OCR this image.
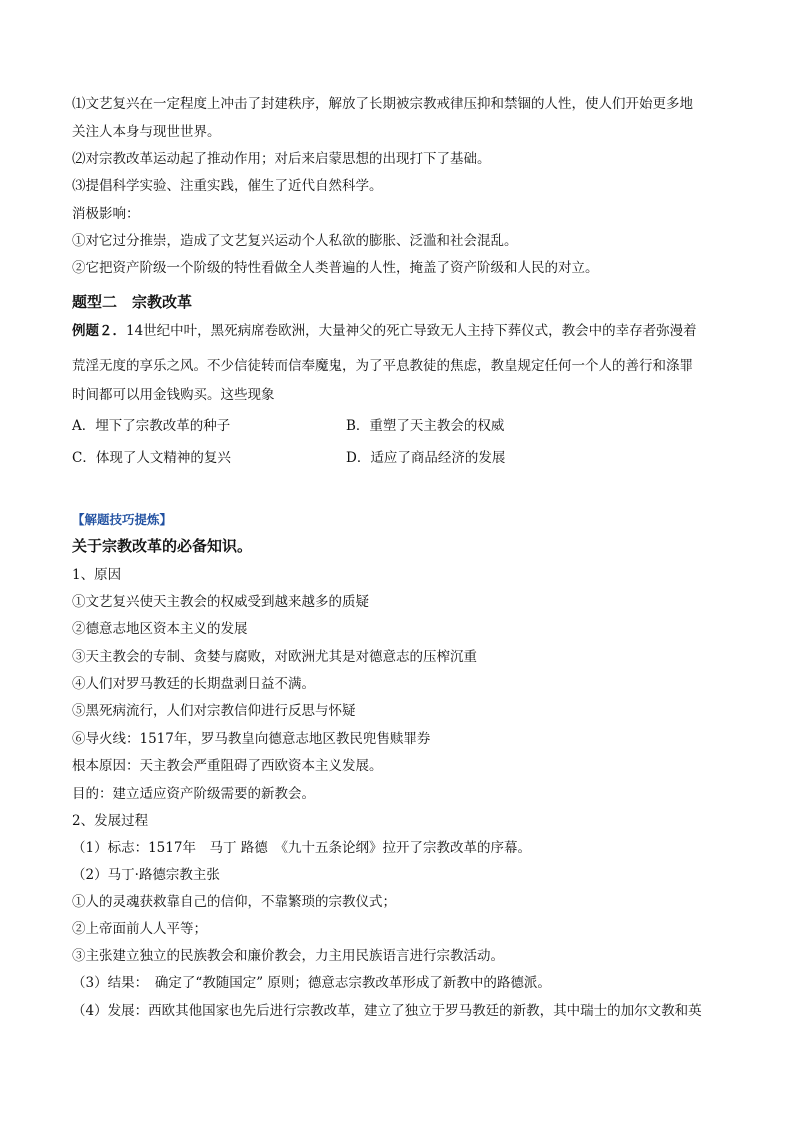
⑴文艺复兴在一定程度上冲击了封建秩序，解放了长期被宗教戒律压抑和禁锢的人性，使人们开始更多地
关注人本身与现世世界。
⑵对宗教改革运动起了推动作用；对后来启蒙思想的出现打下了基础。
⑶提倡科学实验、注重实践，催生了近代自然科学。
消极影响：
①对它过分推崇，造成了文艺复兴运动个人私欲的膨胀、泛滥和社会混乱。
②它把资产阶级一个阶级的特性看做全人类普遍的人性，掩盖了资产阶级和人民的对立。
题型二　宗教改革
例题２．14世纪中叶，黑死病席卷欧洲，大量神父的死亡导致无人主持下葬仪式，教会中的幸存者弥漫着
荒淫无度的享乐之风。不少信徒转而信奉魔鬼，为了平息教徒的焦虑，教皇规定任何一个人的善行和涤罪
时间都可以用金钱购买。这些现象
A．埋下了宗教改革的种子	B．重塑了天主教会的权威
C．体现了人文精神的复兴	D．适应了商品经济的发展
【解题技巧提炼】
关于宗教改革的必备知识。
1、原因
①文艺复兴使天主教会的权威受到越来越多的质疑
②德意志地区资本主义的发展
③天主教会的专制、贪婪与腐败，对欧洲尤其是对德意志的压榨沉重
④人们对罗马教廷的长期盘剥日益不满。
⑤黑死病流行，人们对宗教信仰进行反思与怀疑
⑥导火线：1517年，罗马教皇向德意志地区教民兜售赎罪券
根本原因：天主教会严重阻碍了西欧资本主义发展。
目的：建立适应资产阶级需要的新教会。
2、发展过程
（1）标志：1517年　马丁 路德　《九十五条论纲》拉开了宗教改革的序幕。
（2）马丁·路德宗教主张
①人的灵魂获救靠自己的信仰，不靠繁琐的宗教仪式；
②上帝面前人人平等；
③主张建立独立的民族教会和廉价教会，力主用民族语言进行宗教活动。
（3）结果：　确定了“教随国定” 原则；德意志宗教改革形成了新教中的路德派。
（4）发展：西欧其他国家也先后进行宗教改革，建立了独立于罗马教廷的新教，其中瑞士的加尔文教和英
